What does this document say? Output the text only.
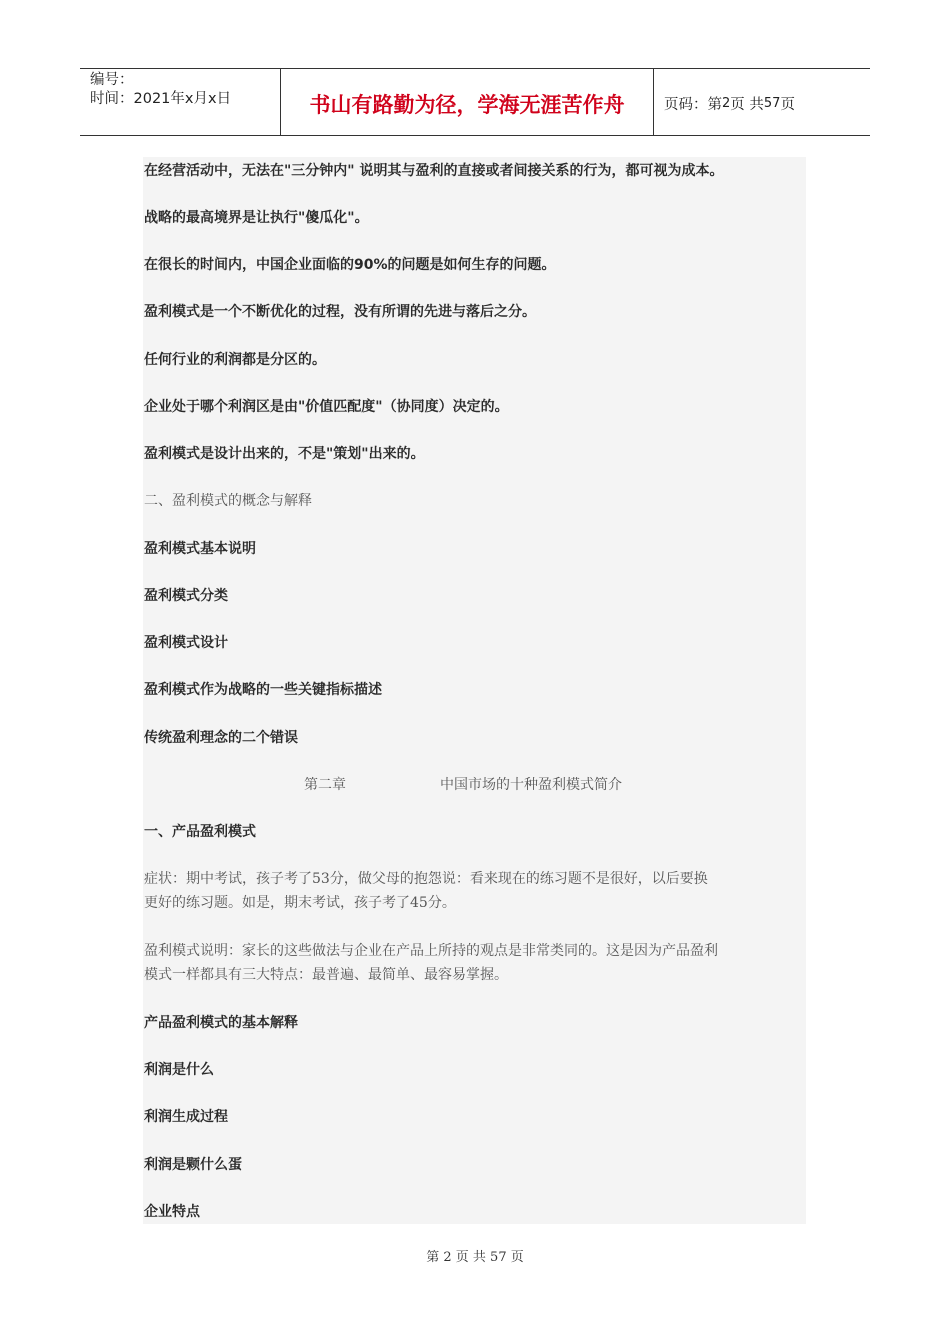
编号：
时间：2021年x月x日	书山有路勤为径，学海无涯苦作舟	页码：第 2 页 共 57 页
在经营活动中，无法在"三分钟内" 说明其与盈利的直接或者间接关系的行为，都可视为成本。
战略的最高境界是让执行"傻瓜化"。
在很长的时间内，中国企业面临的90%的问题是如何生存的问题。
盈利模式是一个不断优化的过程，没有所谓的先进与落后之分。
任何行业的利润都是分区的。
企业处于哪个利润区是由"价值匹配度"（协同度）决定的。
盈利模式是设计出来的，不是"策划"出来的。
二、盈利模式的概念与解释
盈利模式基本说明
盈利模式分类
盈利模式设计
盈利模式作为战略的一些关键指标描述
传统盈利理念的二个错误
第二章	中国市场的十种盈利模式简介
一、产品盈利模式
症状：期中考试，孩子考了53分，做父母的抱怨说：看来现在的练习题不是很好，以后要换
更好的练习题。如是，期末考试，孩子考了45分。
盈利模式说明：家长的这些做法与企业在产品上所持的观点是非常类同的。这是因为产品盈利
模式一样都具有三大特点：最普遍、最简单、最容易掌握。
产品盈利模式的基本解释
利润是什么
利润生成过程
利润是颗什么蛋
企业特点
第 2 页 共 57 页
